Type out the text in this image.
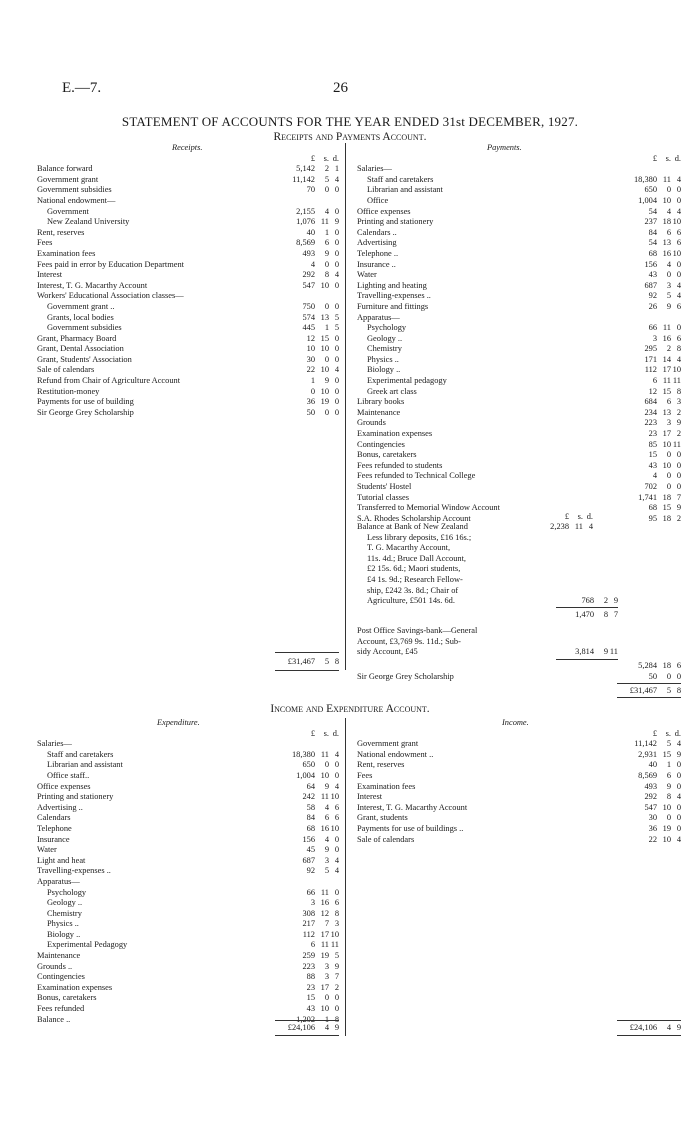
E.—7.	26
STATEMENT OF ACCOUNTS FOR THE YEAR ENDED 31st DECEMBER, 1927.
Receipts and Payments Account.
Receipts.
£	s. d.
Balance forward	5,142	2 1
Government grant	11,142	5 4
Government subsidies	70	0 0
National endowment—
Government	2,155	4 0
New Zealand University	1,076 11 9
Rent, reserves	40	1 0
Fees	8,569	6 0
Examination fees	493	9 0
Fees paid in error by Education Department	4	0 0
Interest	292	8 4
Interest, T. G. Macarthy Account	547 10 0
Workers' Educational Association classes—
Government grant ..	750	0 0
Grants, local bodies	574 13 5
Government subsidies	445	1 5
Grant, Pharmacy Board	12 15 0
Grant, Dental Association	10 10 0
Grant, Students' Association	30	0 0
Sale of calendars	22 10 4
Refund from Chair of Agriculture Account	1	9 0
Restitution-money	0 10 0
Payments for use of building	36 19 0
Sir George Grey Scholarship	50	0 0
Payments.
£	s. d.
Salaries—
Staff and caretakers	18,380 11 4
Librarian and assistant	650	0 0
Office	1,004 10 0
Office expenses	54	4 4
Printing and stationery	237 18 10
Calendars ..	84	6 6
Advertising	54 13 6
Telephone ..	68 16 10
Insurance ..	156	4 0
Water	43	0 0
Lighting and heating	687	3 4
Travelling-expenses ..	92	5 4
Furniture and fittings	26	9 6
Apparatus—
Psychology	66 11 0
Geology ..	3 16 6
Chemistry	295	2 8
Physics ..	171 14 4
Biology ..	112 17 10
Experimental pedagogy	6 11 11
Greek art class	12 15 8
Library books	684	6 3
Maintenance	234 13 2
Grounds	223	3 9
Examination expenses	23 17 2
Contingencies	85 10 11
Bonus, caretakers	15	0 0
Fees refunded to students	43 10 0
Fees refunded to Technical College	4	0 0
Students' Hostel	702	0 0
Tutorial classes	1,741 18 7
Transferred to Memorial Window Account	68 15 9
S.A. Rhodes Scholarship Account	95 18 2
£	s. d.
Balance at Bank of New Zealand	2,238 11 4
Less library deposits, £16 16s.;
T. G. Macarthy Account,
11s. 4d.; Bruce Dall Account,
£2 15s. 6d.; Maori students,
£4 1s. 9d.; Research Fellow-
ship, £242 3s. 8d.; Chair of
Agriculture, £501 14s. 6d.	768	2 9
1,470	8 7
Post Office Savings-bank—General
Account, £3,769 9s. 11d.; Sub-
sidy Account, £45	3,814	9 11
5,284 18 6
Sir George Grey Scholarship	50	0 0
£31,467	5 8
£31,467	5 8
Income and Expenditure Account.
Expenditure.
£	s. d.
Salaries—
Staff and caretakers	18,380 11 4
Librarian and assistant	650	0 0
Office staff..	1,004 10 0
Office expenses	64	9 4
Printing and stationery	242 11 10
Advertising ..	58	4 6
Calendars	84	6 6
Telephone	68 16 10
Insurance	156	4 0
Water	45	9 0
Light and heat	687	3 4
Travelling-expenses ..	92	5 4
Apparatus—
Psychology	66 11 0
Geology ..	3 16 6
Chemistry	308 12 8
Physics ..	217	7 3
Biology ..	112 17 10
Experimental Pedagogy	6 11 11
Maintenance	259 19 5
Grounds ..	223	3 9
Contingencies	88	3 7
Examination expenses	23 17 2
Bonus, caretakers	15	0 0
Fees refunded	43 10 0
Balance ..	1,202	1 8
Income.
£	s. d.
Government grant	11,142	5 4
National endowment ..	2,931 15 9
Rent, reserves	40	1 0
Fees	8,569	6 0
Examination fees	493	9 0
Interest	292	8 4
Interest, T. G. Macarthy Account	547 10 0
Grant, students	30	0 0
Payments for use of buildings ..	36 19 0
Sale of calendars	22 10 4
£24,106	4 9	£24,106	4 9
